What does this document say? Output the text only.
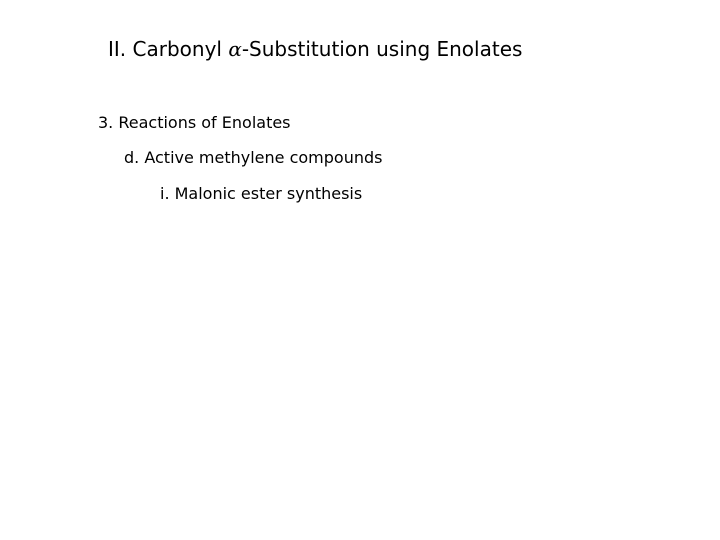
II. Carbonyl α-Substitution using Enolates
3. Reactions of Enolates
d. Active methylene compounds
i. Malonic ester synthesis
